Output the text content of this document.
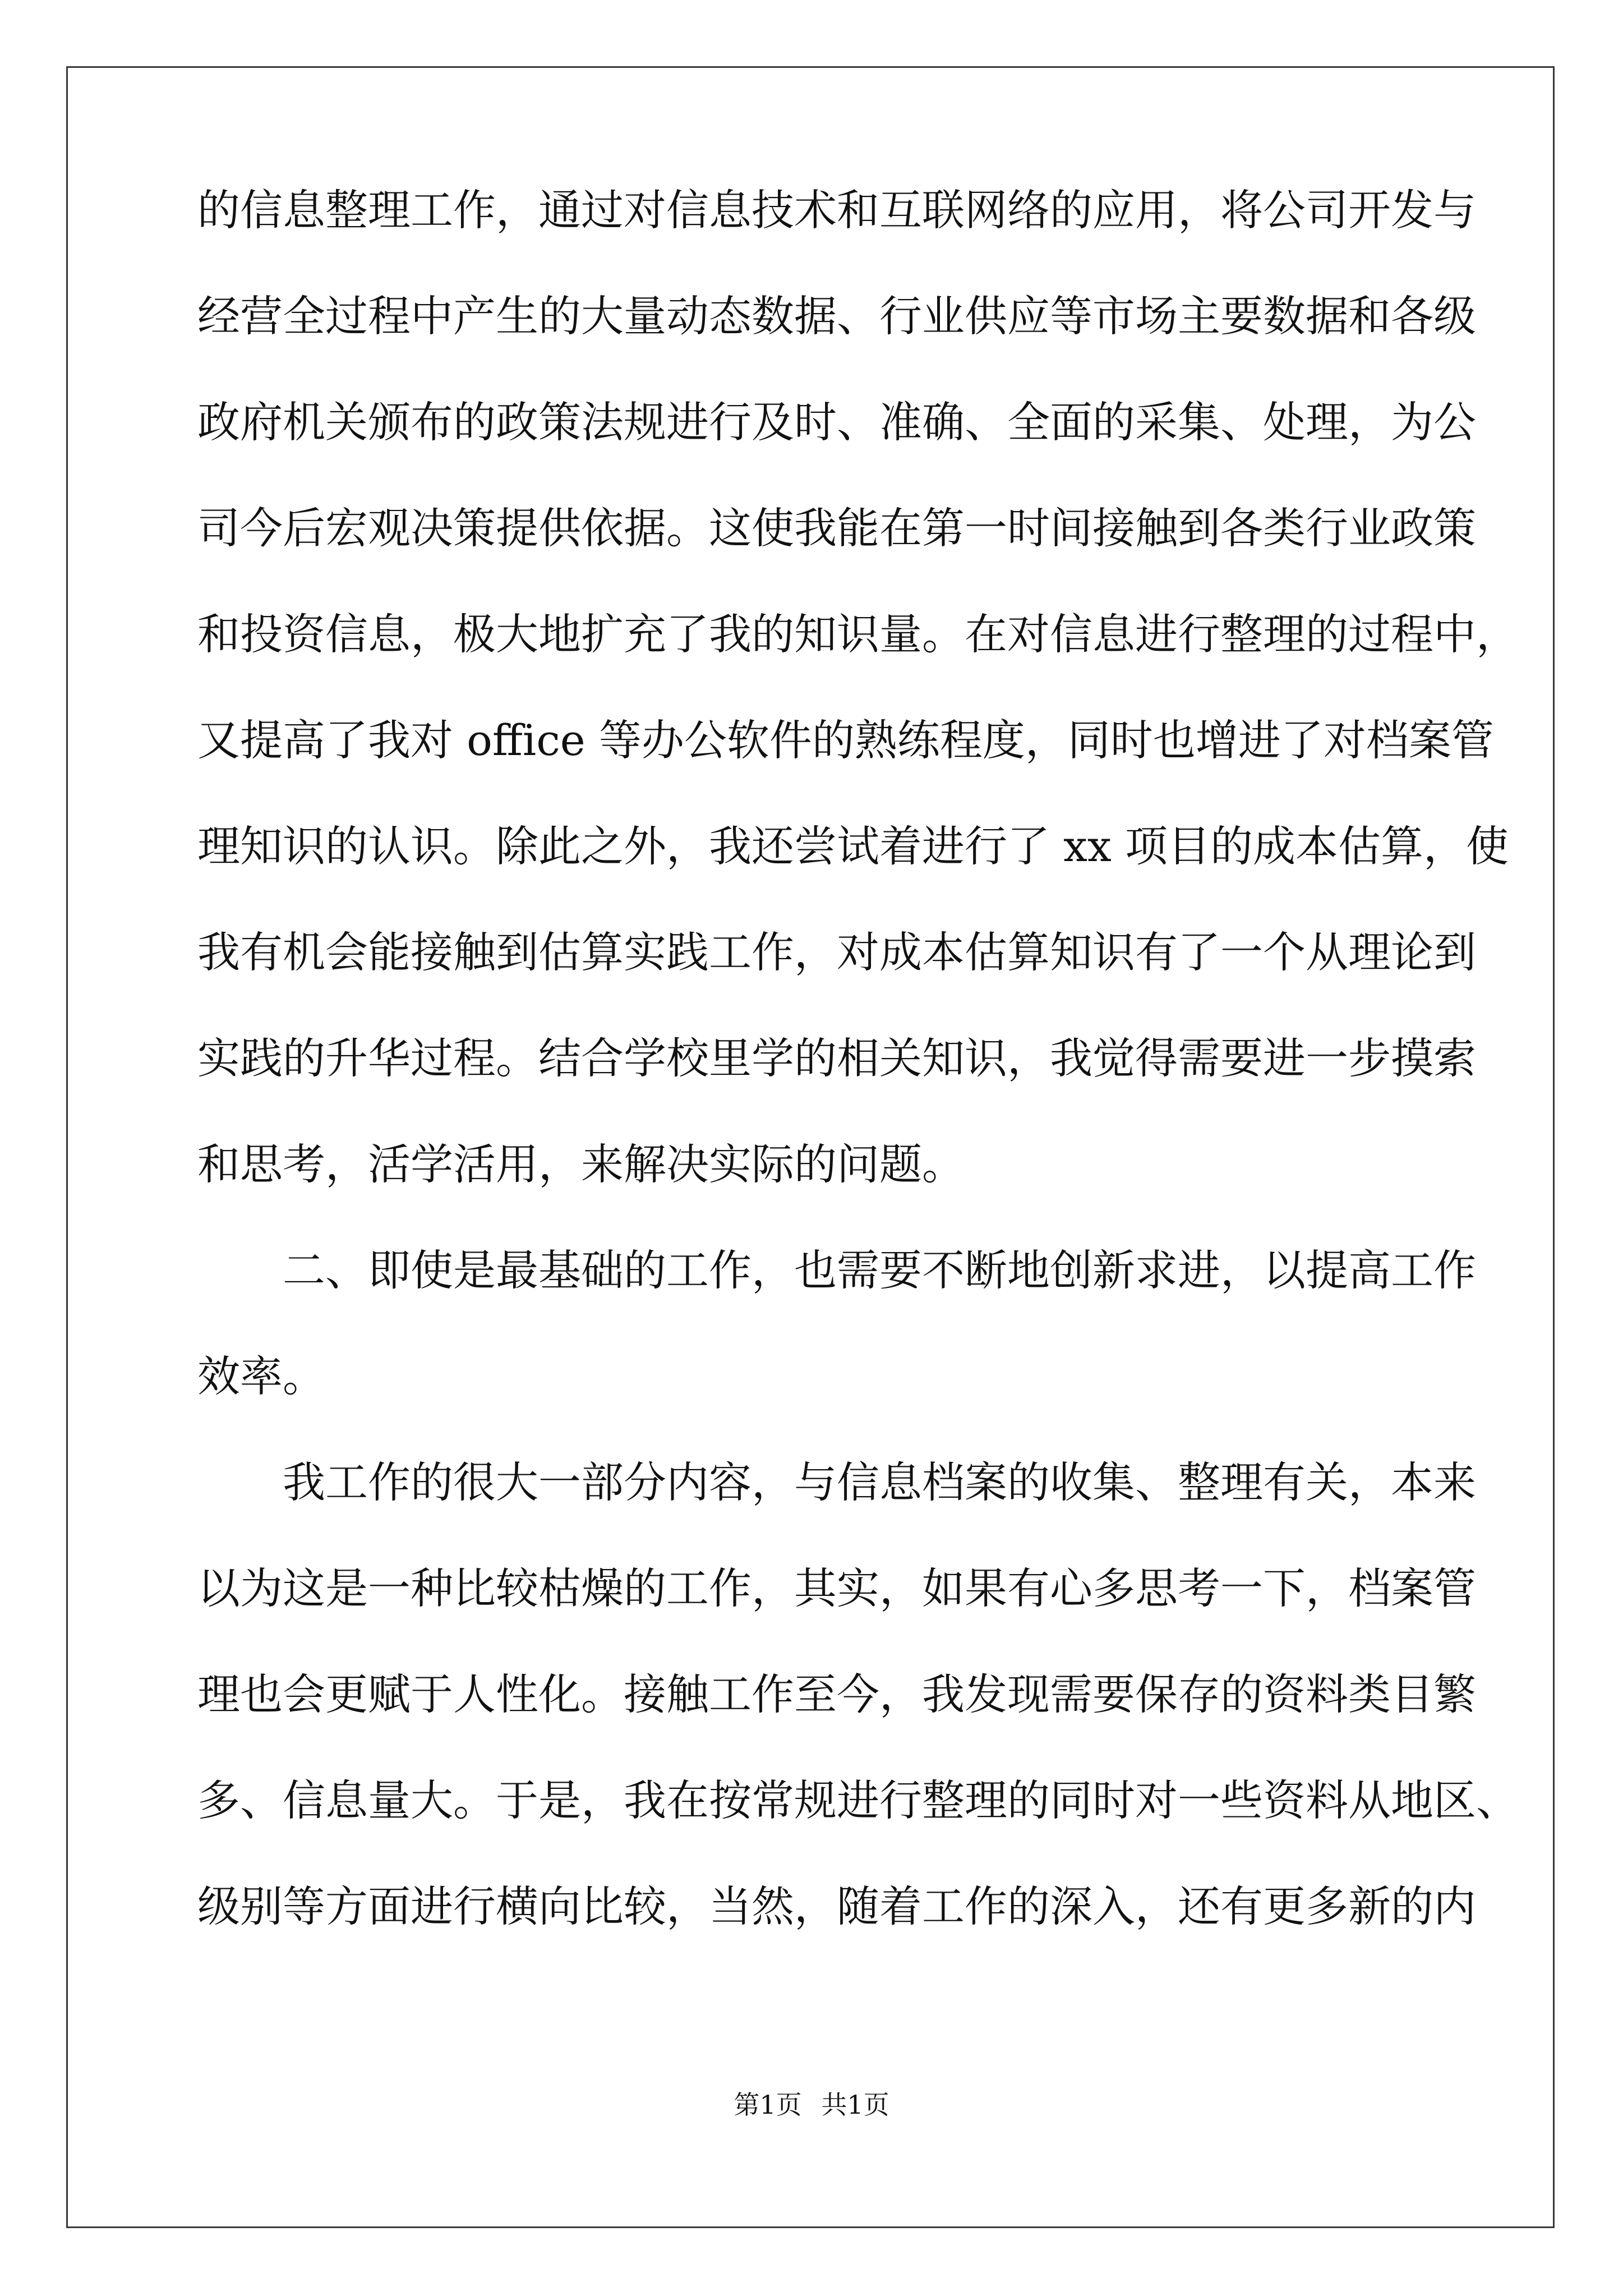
的信息整理工作，通过对信息技术和互联网络的应用，将公司开发与
经营全过程中产生的大量动态数据、行业供应等市场主要数据和各级
政府机关颁布的政策法规进行及时、准确、全面的采集、处理，为公
司今后宏观决策提供依据。这使我能在第一时间接触到各类行业政策
和投资信息，极大地扩充了我的知识量。在对信息进行整理的过程中，
又提高了我对 office 等办公软件的熟练程度，同时也增进了对档案管
理知识的认识。除此之外，我还尝试着进行了 xx 项目的成本估算，使
我有机会能接触到估算实践工作，对成本估算知识有了一个从理论到
实践的升华过程。结合学校里学的相关知识，我觉得需要进一步摸索
和思考，活学活用，来解决实际的问题。
　　二、即使是最基础的工作，也需要不断地创新求进，以提高工作
效率。
　　我工作的很大一部分内容，与信息档案的收集、整理有关，本来
以为这是一种比较枯燥的工作，其实，如果有心多思考一下，档案管
理也会更赋于人性化。接触工作至今，我发现需要保存的资料类目繁
多、信息量大。于是，我在按常规进行整理的同时对一些资料从地区、
级别等方面进行横向比较，当然，随着工作的深入，还有更多新的内
第1页 共1页
